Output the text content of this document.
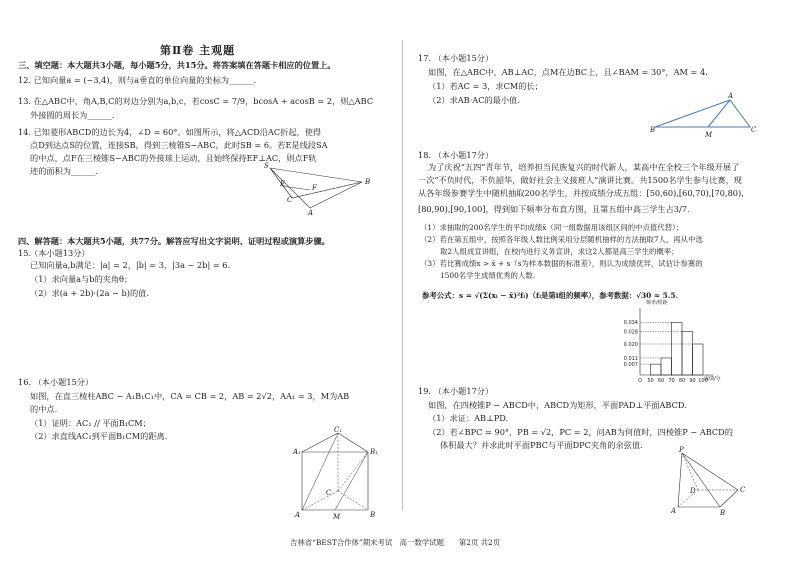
第Ⅱ卷 主观题
三、填空题：本大题共3小题，每小题5分，共15分。将答案填在答题卡相应的位置上。
12. 已知向量a = (−3,4)，则与a垂直的单位向量的坐标为______.
13. 在△ABC中，角A,B,C的对边分别为a,b,c，若cosC = 7/9，bcosA + acosB = 2，则△ABC
外接圆的周长为______.
14. 已知菱形ABCD的边长为4，∠D = 60°。如图所示，将△ACD沿AC折起，使得
点D到达点S的位置，连接SB，得到三棱锥S−ABC，此时SB = 6。若E是线段SA
的中点，点F在三棱锥S−ABC的外接球上运动，且始终保持EF⊥AC，则点F轨
迹的面积为______.	S
E
C
A
B
F
四、解答题：本大题共5小题，共77分。解答应写出文字说明、证明过程或演算步骤。
15.
（本小题13分）
已知向量a,b满足：|a| = 2，|b| = 3，|3a − 2b| = 6.
（1）求向量a与b的夹角θ；
（2）求(a + 2b)·(2a − b)的值.
16. （本小题15分）
如图，在直三棱柱ABC − A₁B₁C₁中，CA = CB = 2，AB = 2√2，AA₁ = 3，M为AB
的中点.
（1）证明：AC₁ // 平面B₁CM；
（2）求直线AC₁到平面B₁CM的距离.
C₁
A₁	B₁
C
A	M	B
17. （本小题15分）
如图，在△ABC中，AB⊥AC，点M在边BC上，且∠BAM = 30°，AM = 4.
（1）若AC = 3，求CM的长；
（2）求AB·AC的最小值.
B
A
M
C
18. （本小题17分）
为了庆祝“五四”青年节，培养担当民族复兴的时代新人，某高中在全校三个年级开展了
一次“不负时代，不负韶华，做好社会主义接班人”演讲比赛。共1500名学生参与比赛，现
从各年级参赛学生中随机抽取200名学生，并按成绩分成五组：[50,60),[60,70),[70,80),
[80,90),[90,100]，得到如下频率分布直方图，且第五组中高三学生占3/7.
（1）求抽取的200名学生的平均成绩x̄（同一组数据用该组区间的中点值代替）；
（2）若在第五组中，按照各年级人数比例采用分层随机抽样的方法抽取7人，再从中选
取2人组成宣讲组，在校内进行义务宣讲，求这2人都是高三学生的概率；
（3）若比赛成绩x > x̄ + s（s为样本数据的标准差），则认为成绩优异，试估计参赛的
1500名学生成绩优秀的人数.
参考公式：s = √(Σ(xᵢ − x̄)²fᵢ)（fᵢ是第i组的频率），参考数据：√30 ≈ 5.5.
频率/组距
成绩/分
0.007
0.011
0.020
0.028
0.034
O 50 60 70 80 90 100
19. （本小题17分）
如图，在四棱锥P − ABCD中，ABCD为矩形，平面PAD⊥平面ABCD.
（1）求证：AB⊥PD.
（2）若∠BPC = 90°，PB = √2，PC = 2，问AB为何值时，四棱锥P − ABCD的
体积最大？并求此时平面PBC与平面DPC夹角的余弦值.	P
D	C
A	B
吉林省“BEST合作体”期末考试　高一数学试题　　第2页 共2页
